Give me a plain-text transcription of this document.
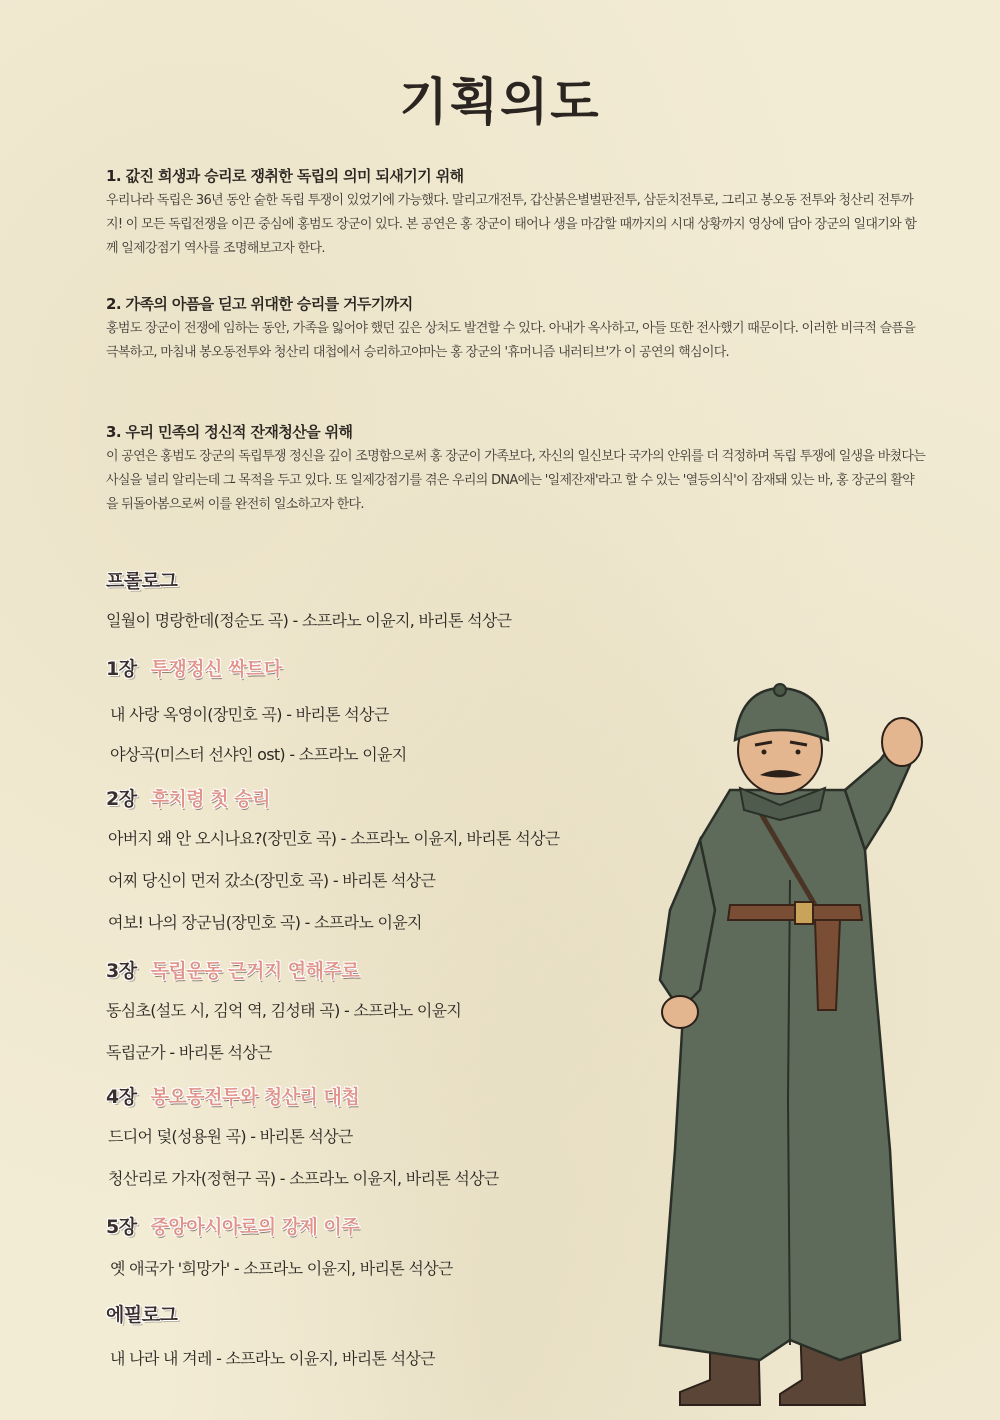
기획의도
1. 값진 희생과 승리로 쟁취한 독립의 의미 되새기기 위해

우리나라 독립은 36년 동안 숱한 독립 투쟁이 있었기에 가능했다. 말리고개전투, 갑산붉은별벌판전투, 삼둔치전투로, 그리고 봉오동 전투와 청산리 전투까지! 이 모든 독립전쟁을 이끈 중심에 홍범도 장군이 있다. 본 공연은 홍 장군이 태어나 생을 마감할 때까지의 시대 상황까지 영상에 담아 장군의 일대기와 함께 일제강점기 역사를 조명해보고자 한다.

2. 가족의 아픔을 딛고 위대한 승리를 거두기까지

홍범도 장군이 전쟁에 임하는 동안, 가족을 잃어야 했던 깊은 상처도 발견할 수 있다. 아내가 옥사하고, 아들 또한 전사했기 때문이다. 이러한 비극적 슬픔을 극복하고, 마침내 봉오동전투와 청산리 대첩에서 승리하고야마는 홍 장군의 '휴머니즘 내러티브'가 이 공연의 핵심이다.

3. 우리 민족의 정신적 잔재청산을 위해

이 공연은 홍범도 장군의 독립투쟁 정신을 깊이 조명함으로써 홍 장군이 가족보다, 자신의 일신보다 국가의 안위를 더 걱정하며 독립 투쟁에 일생을 바쳤다는 사실을 널리 알리는데 그 목적을 두고 있다. 또 일제강점기를 겪은 우리의 DNA에는 '일제잔재'라고 할 수 있는 '열등의식'이 잠재돼 있는 바, 홍 장군의 활약을 뒤돌아봄으로써 이를 완전히 일소하고자 한다.

프롤로그
일월이 명랑한데(정순도 곡) - 소프라노 이윤지, 바리톤 석상근
1장 투쟁정신 싹트다
내 사랑 옥영이(장민호 곡) - 바리톤 석상근
야상곡(미스터 선샤인 ost) - 소프라노 이윤지
2장 후치령 첫 승리
아버지 왜 안 오시나요?(장민호 곡) - 소프라노 이윤지, 바리톤 석상근
어찌 당신이 먼저 갔소(장민호 곡) - 바리톤 석상근
여보! 나의 장군님(장민호 곡) - 소프라노 이윤지
3장 독립운동 근거지 연해주로
동심초(설도 시, 김억 역, 김성태 곡) - 소프라노 이윤지
독립군가 - 바리톤 석상근
4장 봉오동전투와 청산리 대첩
드디어 덫(성용원 곡) - 바리톤 석상근
청산리로 가자(정현구 곡) - 소프라노 이윤지, 바리톤 석상근
5장 중앙아시아로의 강제 이주
옛 애국가 '희망가' - 소프라노 이윤지, 바리톤 석상근
에필로그
내 나라 내 겨레 - 소프라노 이윤지, 바리톤 석상근
